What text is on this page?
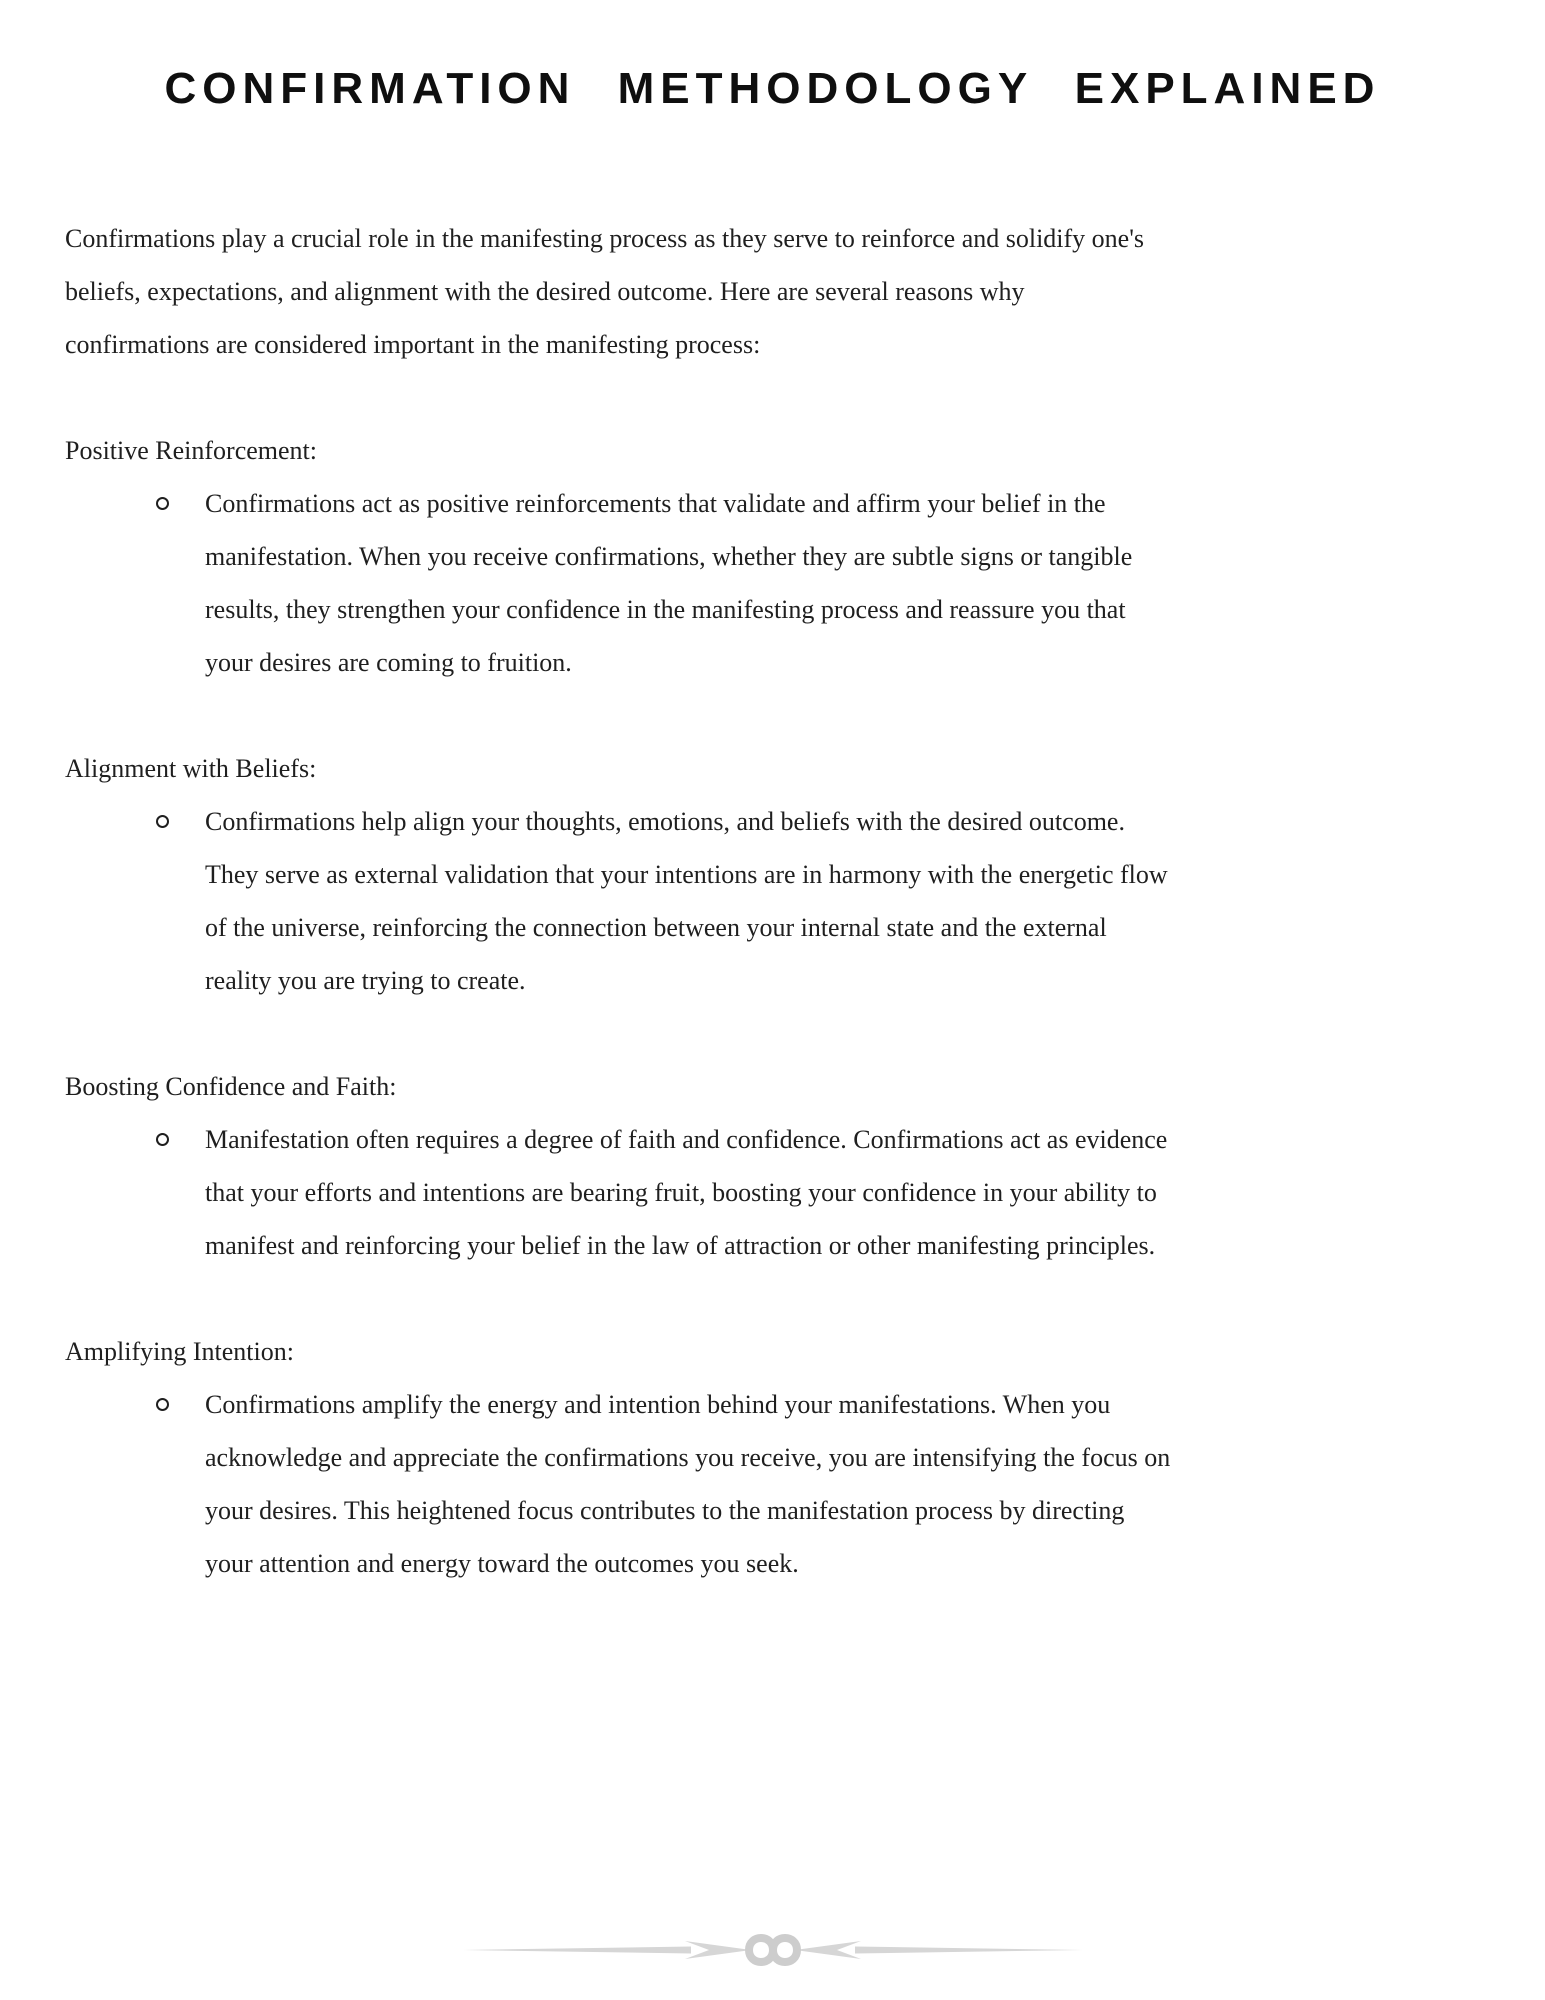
CONFIRMATION METHODOLOGY EXPLAINED

Confirmations play a crucial role in the manifesting process as they serve to reinforce and solidify one's beliefs, expectations, and alignment with the desired outcome. Here are several reasons why confirmations are considered important in the manifesting process:

Positive Reinforcement:
Confirmations act as positive reinforcements that validate and affirm your belief in the manifestation. When you receive confirmations, whether they are subtle signs or tangible results, they strengthen your confidence in the manifesting process and reassure you that your desires are coming to fruition.
Alignment with Beliefs:
Confirmations help align your thoughts, emotions, and beliefs with the desired outcome. They serve as external validation that your intentions are in harmony with the energetic flow of the universe, reinforcing the connection between your internal state and the external reality you are trying to create.
Boosting Confidence and Faith:
Manifestation often requires a degree of faith and confidence. Confirmations act as evidence that your efforts and intentions are bearing fruit, boosting your confidence in your ability to manifest and reinforcing your belief in the law of attraction or other manifesting principles.
Amplifying Intention:
Confirmations amplify the energy and intention behind your manifestations. When you acknowledge and appreciate the confirmations you receive, you are intensifying the focus on your desires. This heightened focus contributes to the manifestation process by directing your attention and energy toward the outcomes you seek.
